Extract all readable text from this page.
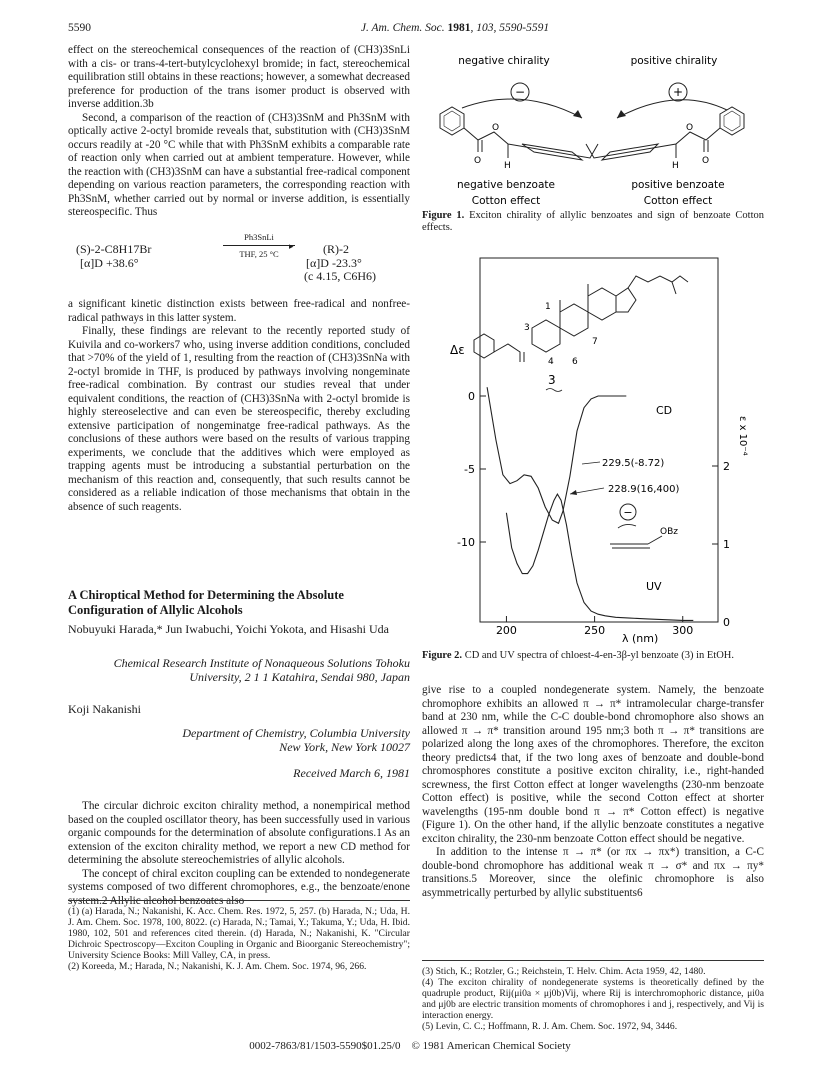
5590	J. Am. Chem. Soc. 1981, 103, 5590-5591

effect on the stereochemical consequences of the reaction of (CH3)3SnLi with a cis- or trans-4-tert-butylcyclohexyl bromide; in fact, stereochemical equilibration still obtains in these reactions; however, a somewhat decreased preference for production of the trans isomer product is observed with inverse addition.3b

Second, a comparison of the reaction of (CH3)3SnM and Ph3SnM with optically active 2-octyl bromide reveals that, substitution with (CH3)3SnM occurs readily at -20 °C while that with Ph3SnM exhibits a comparable rate of reaction only when carried out at ambient temperature. However, while the reaction with (CH3)3SnM can have a substantial free-radical component depending on various reaction parameters, the corresponding reaction with Ph3SnM, whether carried out by normal or inverse addition, is essentially stereospecific. Thus

(S)-2-C8H17Br
[α]D +38.6°
Ph3SnLi
▸
THF, 25 °C	(R)-2
[α]D -23.3°
(c 4.15, C6H6)

a significant kinetic distinction exists between free-radical and nonfree-radical pathways in this latter system.

Finally, these findings are relevant to the recently reported study of Kuivila and co-workers7 who, using inverse addition conditions, concluded that >70% of the yield of 1, resulting from the reaction of (CH3)3SnNa with 2-octyl bromide in THF, is produced by pathways involving nongeminate free-radical combination. By contrast our studies reveal that under equivalent conditions, the reaction of (CH3)3SnNa with 2-octyl bromide is highly stereoselective and can even be stereospecific, thereby excluding extensive participation of nongeminatge free-radical pathways. As the conclusions of these authors were based on the results of various trapping experiments, we conclude that the additives which were employed as trapping agents must be introducing a substantial perturbation on the mechanism of this reaction and, consequently, that such results cannot be considered as a reliable indication of those mechanisms that obtain in the absence of such reagents.

A Chiroptical Method for Determining the Absolute Configuration of Allylic Alcohols
Nobuyuki Harada,* Jun Iwabuchi, Yoichi Yokota, and Hisashi Uda
Chemical Research Institute of Nonaqueous Solutions Tohoku University, 2 1 1 Katahira, Sendai 980, Japan
Koji Nakanishi
Department of Chemistry, Columbia University
New York, New York 10027
Received March 6, 1981

The circular dichroic exciton chirality method, a nonempirical method based on the coupled oscillator theory, has been successfully used in various organic compounds for the determination of absolute configurations.1 As an extension of the exciton chirality method, we report a new CD method for determining the absolute stereochemistries of allylic alcohols.

The concept of chiral exciton coupling can be extended to nondegenerate systems composed of two different chromophores, e.g., the benzoate/enone system.2 Allylic alcohol benzoates also

(1) (a) Harada, N.; Nakanishi, K. Acc. Chem. Res. 1972, 5, 257. (b) Harada, N.; Uda, H. J. Am. Chem. Soc. 1978, 100, 8022. (c) Harada, N.; Tamai, Y.; Takuma, Y.; Uda, H. Ibid. 1980, 102, 501 and references cited therein. (d) Harada, N.; Nakanishi, K. "Circular Dichroic Spectroscopy—Exciton Coupling in Organic and Bioorganic Stereochemistry"; University Science Books: Mill Valley, CA, in press.
(2) Koreeda, M.; Harada, N.; Nakanishi, K. J. Am. Chem. Soc. 1974, 96, 266.
negative chirality	positive chirality
−	+
O
O
H	O
O
H
negative benzoate
Cotton effect
positive benzoate
Cotton effect
Figure 1. Exciton chirality of allylic benzoates and sign of benzoate Cotton effects.
Δε
ε x 10⁻⁴
1
3
4 6
7
3
0
-5
-10
0
1
2
200	250	300
CD
UV
229.5(-8.72)
228.9(16,400)
−
OBz
λ (nm)
Figure 2. CD and UV spectra of chloest-4-en-3β-yl benzoate (3) in EtOH.

give rise to a coupled nondegenerate system. Namely, the benzoate chromophore exhibits an allowed π → π* intramolecular charge-transfer band at 230 nm, while the C-C double-bond chromophore also shows an allowed π → π* transition around 195 nm;3 both π → π* transitions are polarized along the long axes of the chromophores. Therefore, the exciton theory predicts4 that, if the two long axes of benzoate and double-bond chromosphores constitute a positive exciton chirality, i.e., right-handed screwness, the first Cotton effect at longer wavelengths (230-nm benzoate Cotton effect) is positive, while the second Cotton effect at shorter wavelengths (195-nm double bond π → π* Cotton effect) is negative (Figure 1). On the other hand, if the allylic benzoate constitutes a negative exciton chirality, the 230-nm benzoate Cotton effect should be negative.

In addition to the intense π → π* (or πx → πx*) transition, a C-C double-bond chromophore has additional weak π → σ* and πx → πy* transitions.5 Moreover, since the olefinic chromophore is also asymmetrically perturbed by allylic substituents6

(3) Stich, K.; Rotzler, G.; Reichstein, T. Helv. Chim. Acta 1959, 42, 1480.
(4) The exciton chirality of nondegenerate systems is theoretically defined by the quadruple product, Rij(μi0a × μj0b)Vij, where Rij is interchromophoric distance, μi0a and μj0b are electric transition moments of chromophores i and j, respectively, and Vij is interaction energy.
(5) Levin, C. C.; Hoffmann, R. J. Am. Chem. Soc. 1972, 94, 3446.
0002-7863/81/1503-5590$01.25/0 © 1981 American Chemical Society
